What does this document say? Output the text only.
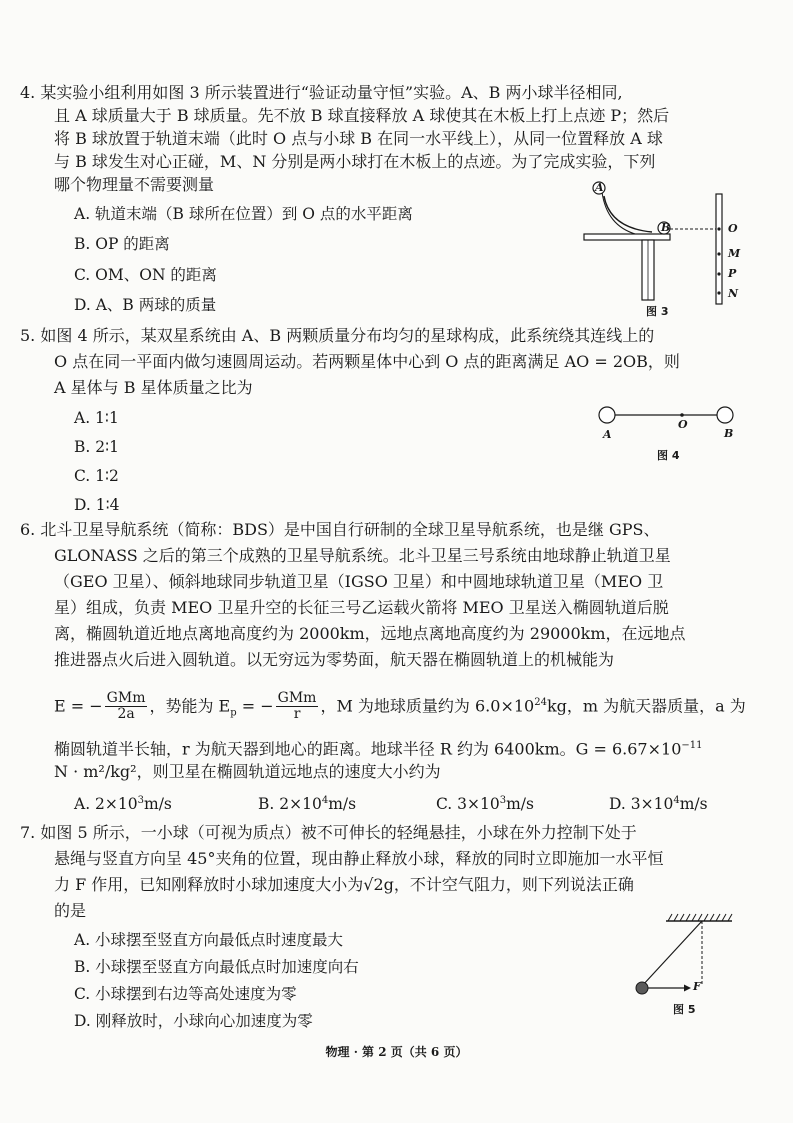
4. 某实验小组利用如图 3 所示装置进行“验证动量守恒”实验。A、B 两小球半径相同,
且 A 球质量大于 B 球质量。先不放 B 球直接释放 A 球使其在木板上打上点迹 P；然后
将 B 球放置于轨道末端（此时 O 点与小球 B 在同一水平线上），从同一位置释放 A 球
与 B 球发生对心正碰，M、N 分别是两小球打在木板上的点迹。为了完成实验，下列
哪个物理量不需要测量
A. 轨道末端（B 球所在位置）到 O 点的水平距离
B. OP 的距离
C. OM、ON 的距离
D. A、B 两球的质量
A
B	O
M
P
N
图 3
5. 如图 4 所示，某双星系统由 A、B 两颗质量分布均匀的星球构成，此系统绕其连线上的
O 点在同一平面内做匀速圆周运动。若两颗星体中心到 O 点的距离满足 AO = 2OB，则
A 星体与 B 星体质量之比为
A. 1∶1
B. 2∶1
C. 1∶2
D. 1∶4
A
O
B
图 4
6. 北斗卫星导航系统（简称：BDS）是中国自行研制的全球卫星导航系统，也是继 GPS、
GLONASS 之后的第三个成熟的卫星导航系统。北斗卫星三号系统由地球静止轨道卫星
（GEO 卫星）、倾斜地球同步轨道卫星（IGSO 卫星）和中圆地球轨道卫星（MEO 卫
星）组成，负责 MEO 卫星升空的长征三号乙运载火箭将 MEO 卫星送入椭圆轨道后脱
离，椭圆轨道近地点离地高度约为 2000km，远地点离地高度约为 29000km，在远地点
推进器点火后进入圆轨道。以无穷远为零势面，航天器在椭圆轨道上的机械能为
E = − $\frac{\text{GMm}}{2a}$ ，势能为 $E_p$ = − $\frac{\text{GMm}}{r}$ ，M 为地球质量约为 $6.0\times 10^{24}kg$，m 为航天器质量，a 为
椭圆轨道半长轴，r 为航天器到地心的距离。地球半径 R 约为 6400km。$G = 6.67\times 10^{-11}$
N · m²/kg²，则卫星在椭圆轨道远地点的速度大小约为
A. $2\times 10^3m/s$	B. $2\times 10^4m/s$	C. $3\times 10^3m/s$	D. $3\times 10^4m/s$
7. 如图 5 所示，一小球（可视为质点）被不可伸长的轻绳悬挂，小球在外力控制下处于
悬绳与竖直方向呈 45°夹角的位置，现由静止释放小球，释放的同时立即施加一水平恒
力 F 作用，已知刚释放时小球加速度大小为√2g，不计空气阻力，则下列说法正确
的是
A. 小球摆至竖直方向最低点时速度最大
B. 小球摆至竖直方向最低点时加速度向右
C. 小球摆到右边等高处速度为零
D. 刚释放时，小球向心加速度为零
F
图 5
物理 · 第 2 页（共 6 页）
